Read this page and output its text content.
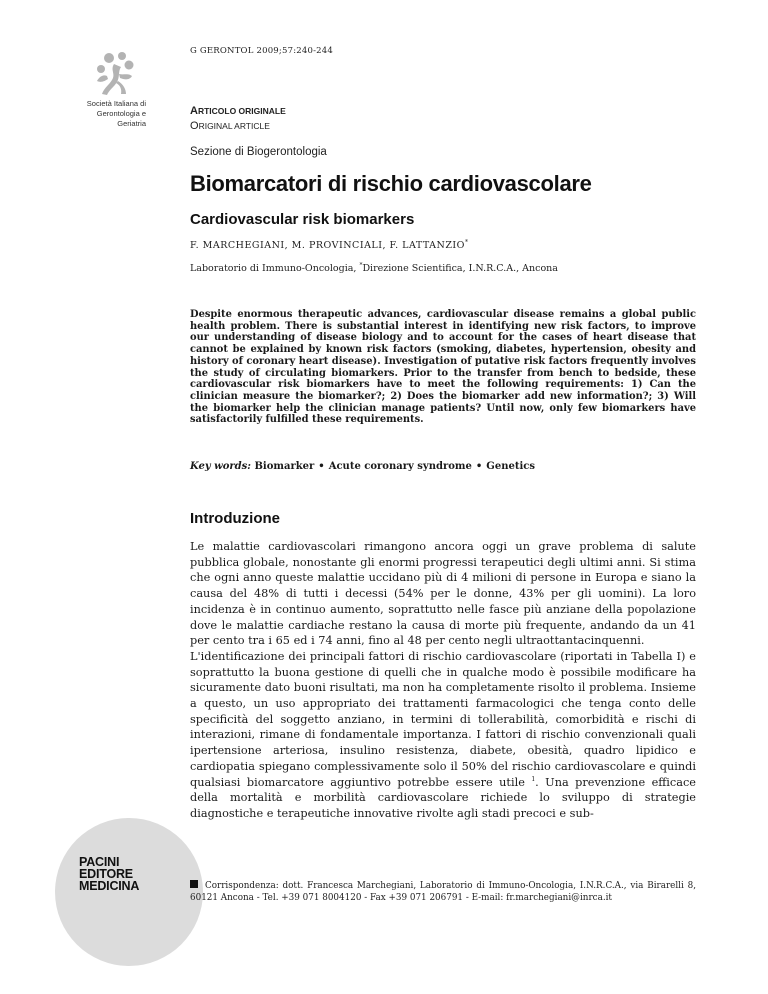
Società Italiana di
Gerontologia e
Geriatria
G GERONTOL 2009;57:240-244
ARTICOLO ORIGINALE
ORIGINAL ARTICLE
Sezione di Biogerontologia
Biomarcatori di rischio cardiovascolare
Cardiovascular risk biomarkers
F. MARCHEGIANI, M. PROVINCIALI, F. LATTANZIO*
Laboratorio di Immuno-Oncologia, *Direzione Scientifica, I.N.R.C.A., Ancona
Despite enormous therapeutic advances, cardiovascular disease remains a global public health problem. There is substantial interest in identifying new risk factors, to improve our understanding of disease biology and to account for the cases of heart disease that cannot be explained by known risk factors (smoking, diabetes, hypertension, obesity and history of coronary heart disease). Investigation of putative risk factors frequently involves the study of circulating biomarkers. Prior to the transfer from bench to bedside, these cardiovascular risk biomarkers have to meet the following requirements: 1) Can the clinician measure the biomarker?; 2) Does the biomarker add new information?; 3) Will the biomarker help the clinician manage patients? Until now, only few biomarkers have satisfactorily fulfilled these requirements.
Key words: Biomarker • Acute coronary syndrome • Genetics
Introduzione

Le malattie cardiovascolari rimangono ancora oggi un grave problema di salute pubblica globale, nonostante gli enormi progressi terapeutici degli ultimi anni. Si stima che ogni anno queste malattie uccidano più di 4 milioni di persone in Europa e siano la causa del 48% di tutti i decessi (54% per le donne, 43% per gli uomini). La loro incidenza è in continuo aumento, soprattutto nelle fasce più anziane della popolazione dove le malattie cardiache restano la causa di morte più frequente, andando da un 41 per cento tra i 65 ed i 74 anni, fino al 48 per cento negli ultraottantacinquenni.

L'identificazione dei principali fattori di rischio cardiovascolare (riportati in Tabella I) e soprattutto la buona gestione di quelli che in qualche modo è possibile modificare ha sicuramente dato buoni risultati, ma non ha completamente risolto il problema. Insieme a questo, un uso appropriato dei trattamenti farmacologici che tenga conto delle specificità del soggetto anziano, in termini di tollerabilità, comorbidità e rischi di interazioni, rimane di fondamentale importanza. I fattori di rischio convenzionali quali ipertensione arteriosa, insulino resistenza, diabete, obesità, quadro lipidico e cardiopatia spiegano complessivamente solo il 50% del rischio cardiovascolare e quindi qualsiasi biomarcatore aggiuntivo potrebbe essere utile $^1$. Una prevenzione efficace della mortalità e morbilità cardiovascolare richiede lo sviluppo di strategie diagnostiche e terapeutiche innovative rivolte agli stadi precoci e sub-

PACINI
EDITORE
MEDICINA	Corrispondenza: dott. Francesca Marchegiani, Laboratorio di Immuno-Oncologia, I.N.R.C.A., via Birarelli 8, 60121 Ancona - Tel. +39 071 8004120 - Fax +39 071 206791 - E-mail: fr.marchegiani@inrca.it
